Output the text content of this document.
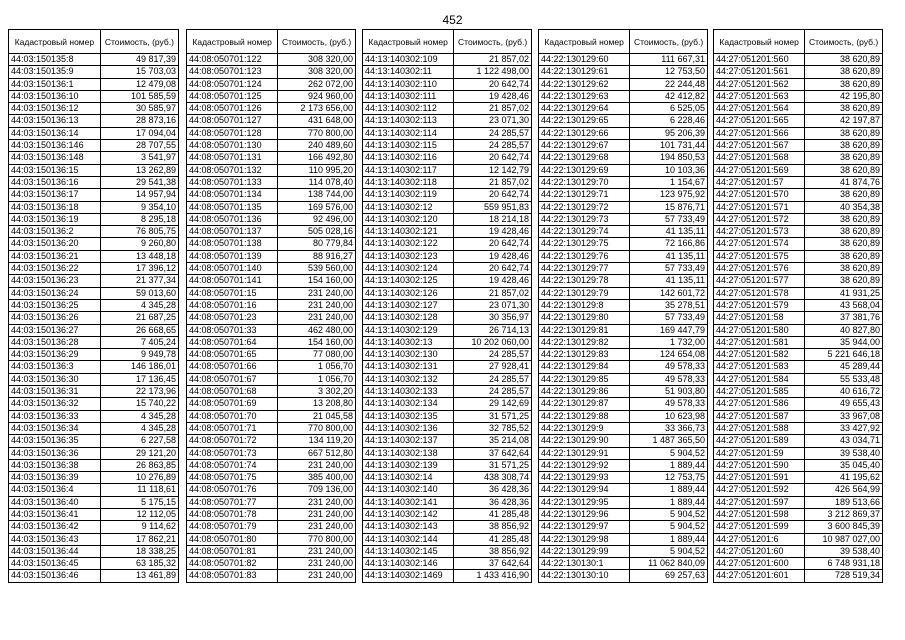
452
Кадастровый номер	Стоимость, (руб.)
44:03:150135:8	49 817,39
44:03:150135:9	15 703,03
44:03:150136:1	12 479,08
44:03:150136:10	101 585,59
44:03:150136:12	30 585,97
44:03:150136:13	28 873,16
44:03:150136:14	17 094,04
44:03:150136:146	28 707,55
44:03:150136:148	3 541,97
44:03:150136:15	13 262,89
44:03:150136:16	29 541,38
44:03:150136:17	14 957,94
44:03:150136:18	9 354,10
44:03:150136:19	8 295,18
44:03:150136:2	76 805,75
44:03:150136:20	9 260,80
44:03:150136:21	13 448,18
44:03:150136:22	17 396,12
44:03:150136:23	21 377,34
44:03:150136:24	59 013,60
44:03:150136:25	4 345,28
44:03:150136:26	21 687,25
44:03:150136:27	26 668,65
44:03:150136:28	7 405,24
44:03:150136:29	9 949,78
44:03:150136:3	146 186,01
44:03:150136:30	17 136,45
44:03:150136:31	22 173,96
44:03:150136:32	15 740,22
44:03:150136:33	4 345,28
44:03:150136:34	4 345,28
44:03:150136:35	6 227,58
44:03:150136:36	29 121,20
44:03:150136:38	26 863,85
44:03:150136:39	10 276,89
44:03:150136:4	11 118,61
44:03:150136:40	5 175,15
44:03:150136:41	12 112,05
44:03:150136:42	9 114,62
44:03:150136:43	17 862,21
44:03:150136:44	18 338,25
44:03:150136:45	63 185,32
44:03:150136:46	13 461,89
Кадастровый номер	Стоимость, (руб.)
44:08:050701:122	308 320,00
44:08:050701:123	308 320,00
44:08:050701:124	262 072,00
44:08:050701:125	924 960,00
44:08:050701:126	2 173 656,00
44:08:050701:127	431 648,00
44:08:050701:128	770 800,00
44:08:050701:130	240 489,60
44:08:050701:131	166 492,80
44:08:050701:132	110 995,20
44:08:050701:133	114 078,40
44:08:050701:134	138 744,00
44:08:050701:135	169 576,00
44:08:050701:136	92 496,00
44:08:050701:137	505 028,16
44:08:050701:138	80 779,84
44:08:050701:139	88 916,27
44:08:050701:140	539 560,00
44:08:050701:141	154 160,00
44:08:050701:15	231 240,00
44:08:050701:16	231 240,00
44:08:050701:23	231 240,00
44:08:050701:33	462 480,00
44:08:050701:64	154 160,00
44:08:050701:65	77 080,00
44:08:050701:66	1 056,70
44:08:050701:67	1 056,70
44:08:050701:68	3 302,20
44:08:050701:69	13 208,80
44:08:050701:70	21 045,58
44:08:050701:71	770 800,00
44:08:050701:72	134 119,20
44:08:050701:73	667 512,80
44:08:050701:74	231 240,00
44:08:050701:75	385 400,00
44:08:050701:76	709 136,00
44:08:050701:77	231 240,00
44:08:050701:78	231 240,00
44:08:050701:79	231 240,00
44:08:050701:80	770 800,00
44:08:050701:81	231 240,00
44:08:050701:82	231 240,00
44:08:050701:83	231 240,00
Кадастровый номер	Стоимость, (руб.)
44:13:140302:109	21 857,02
44:13:140302:11	1 122 498,00
44:13:140302:110	20 642,74
44:13:140302:111	19 428,46
44:13:140302:112	21 857,02
44:13:140302:113	23 071,30
44:13:140302:114	24 285,57
44:13:140302:115	24 285,57
44:13:140302:116	20 642,74
44:13:140302:117	12 142,79
44:13:140302:118	21 857,02
44:13:140302:119	20 642,74
44:13:140302:12	559 951,83
44:13:140302:120	18 214,18
44:13:140302:121	19 428,46
44:13:140302:122	20 642,74
44:13:140302:123	19 428,46
44:13:140302:124	20 642,74
44:13:140302:125	19 428,46
44:13:140302:126	21 857,02
44:13:140302:127	23 071,30
44:13:140302:128	30 356,97
44:13:140302:129	26 714,13
44:13:140302:13	10 202 060,00
44:13:140302:130	24 285,57
44:13:140302:131	27 928,41
44:13:140302:132	24 285,57
44:13:140302:133	24 285,57
44:13:140302:134	29 142,69
44:13:140302:135	31 571,25
44:13:140302:136	32 785,52
44:13:140302:137	35 214,08
44:13:140302:138	37 642,64
44:13:140302:139	31 571,25
44:13:140302:14	438 308,74
44:13:140302:140	36 428,36
44:13:140302:141	36 428,36
44:13:140302:142	41 285,48
44:13:140302:143	38 856,92
44:13:140302:144	41 285,48
44:13:140302:145	38 856,92
44:13:140302:146	37 642,64
44:13:140302:1469	1 433 416,90
Кадастровый номер	Стоимость, (руб.)
44:22:130129:60	111 667,31
44:22:130129:61	12 753,50
44:22:130129:62	22 244,48
44:22:130129:63	42 412,82
44:22:130129:64	6 525,05
44:22:130129:65	6 228,46
44:22:130129:66	95 206,39
44:22:130129:67	101 731,44
44:22:130129:68	194 850,53
44:22:130129:69	10 103,36
44:22:130129:70	1 154,67
44:22:130129:71	123 975,92
44:22:130129:72	15 876,71
44:22:130129:73	57 733,49
44:22:130129:74	41 135,11
44:22:130129:75	72 166,86
44:22:130129:76	41 135,11
44:22:130129:77	57 733,49
44:22:130129:78	41 135,11
44:22:130129:79	142 601,72
44:22:130129:8	35 278,51
44:22:130129:80	57 733,49
44:22:130129:81	169 447,79
44:22:130129:82	1 732,00
44:22:130129:83	124 654,08
44:22:130129:84	49 578,33
44:22:130129:85	49 578,33
44:22:130129:86	51 903,80
44:22:130129:87	49 578,33
44:22:130129:88	10 623,98
44:22:130129:9	33 366,73
44:22:130129:90	1 487 365,50
44:22:130129:91	5 904,52
44:22:130129:92	1 889,44
44:22:130129:93	12 753,75
44:22:130129:94	1 889,44
44:22:130129:95	1 889,44
44:22:130129:96	5 904,52
44:22:130129:97	5 904,52
44:22:130129:98	1 889,44
44:22:130129:99	5 904,52
44:22:130130:1	11 062 840,09
44:22:130130:10	69 257,63
Кадастровый номер	Стоимость, (руб.)
44:27:051201:560	38 620,89
44:27:051201:561	38 620,89
44:27:051201:562	38 620,89
44:27:051201:563	42 195,80
44:27:051201:564	38 620,89
44:27:051201:565	42 197,87
44:27:051201:566	38 620,89
44:27:051201:567	38 620,89
44:27:051201:568	38 620,89
44:27:051201:569	38 620,89
44:27:051201:57	41 874,76
44:27:051201:570	38 620,89
44:27:051201:571	40 354,38
44:27:051201:572	38 620,89
44:27:051201:573	38 620,89
44:27:051201:574	38 620,89
44:27:051201:575	38 620,89
44:27:051201:576	38 620,89
44:27:051201:577	38 620,89
44:27:051201:578	41 931,25
44:27:051201:579	43 568,04
44:27:051201:58	37 381,76
44:27:051201:580	40 827,80
44:27:051201:581	35 944,00
44:27:051201:582	5 221 646,18
44:27:051201:583	45 289,44
44:27:051201:584	55 533,48
44:27:051201:585	40 616,72
44:27:051201:586	49 655,43
44:27:051201:587	33 967,08
44:27:051201:588	33 427,92
44:27:051201:589	43 034,71
44:27:051201:59	39 538,40
44:27:051201:590	35 045,40
44:27:051201:591	41 195,62
44:27:051201:592	426 564,99
44:27:051201:597	189 513,66
44:27:051201:598	3 212 869,37
44:27:051201:599	3 600 845,39
44:27:051201:6	10 987 027,00
44:27:051201:60	39 538,40
44:27:051201:600	6 748 931,18
44:27:051201:601	728 519,34
